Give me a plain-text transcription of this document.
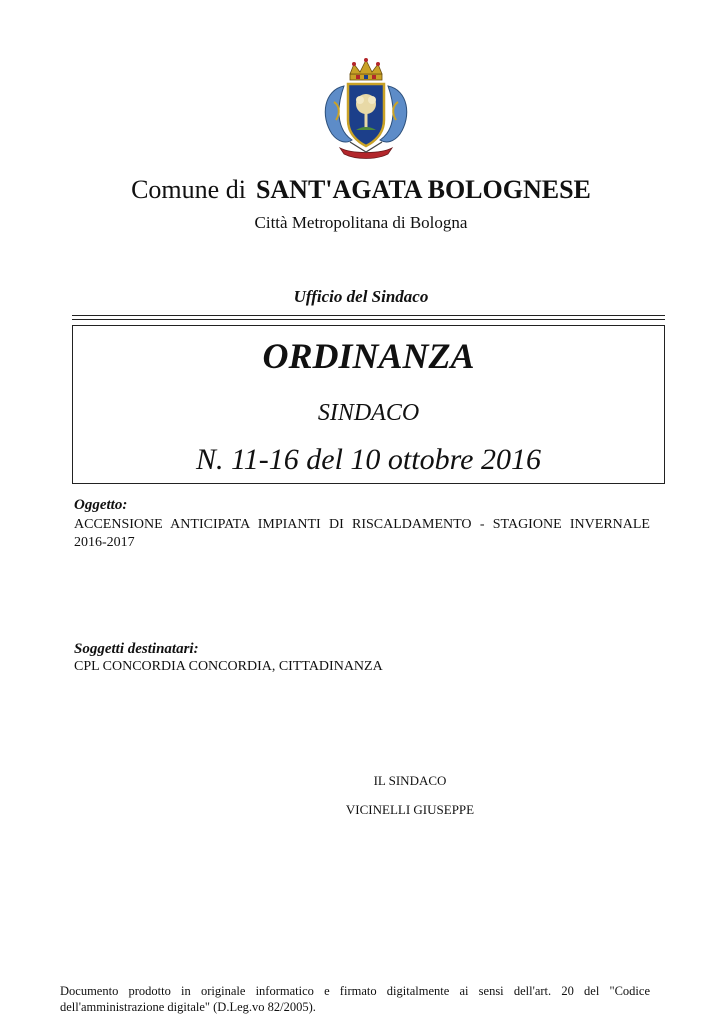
Comune di SANT'AGATA BOLOGNESE
Città Metropolitana di Bologna
Ufficio del Sindaco
ORDINANZA
SINDACO
N. 11-16 del 10 ottobre 2016
Oggetto:
ACCENSIONE ANTICIPATA IMPIANTI DI RISCALDAMENTO - STAGIONE INVERNALE 2016-2017
Soggetti destinatari:
CPL CONCORDIA CONCORDIA, CITTADINANZA
IL SINDACO
VICINELLI GIUSEPPE
Documento prodotto in originale informatico e firmato digitalmente ai sensi dell'art. 20 del "Codice dell'amministrazione digitale" (D.Leg.vo 82/2005).
